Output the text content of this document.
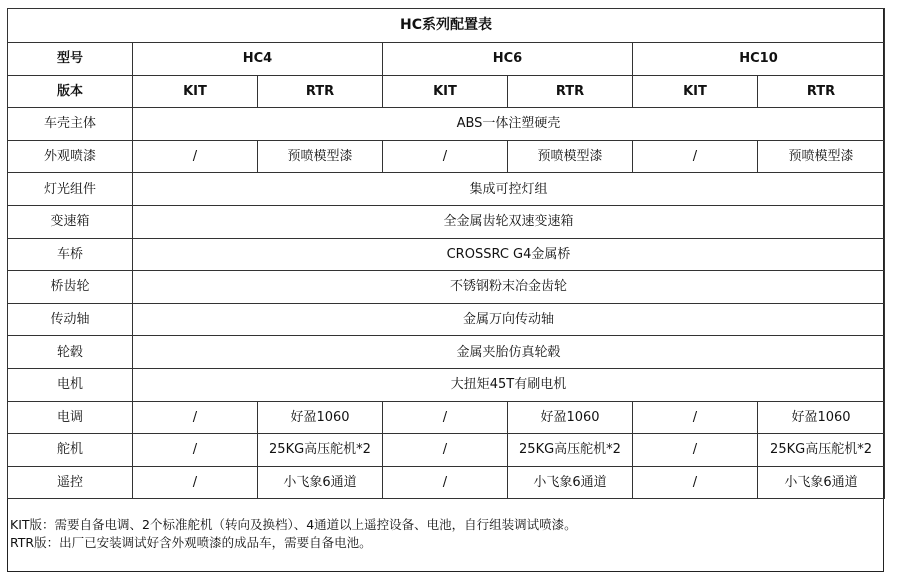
HC系列配置表						
型号	HC4		HC6		HC10	
版本	KIT	RTR	KIT	RTR	KIT	RTR
车壳主体	ABS一体注塑硬壳					
外观喷漆	/	预喷模型漆	/	预喷模型漆	/	预喷模型漆
灯光组件	集成可控灯组					
变速箱	全金属齿轮双速变速箱					
车桥	CROSSRC G4金属桥					
桥齿轮	不锈钢粉末冶金齿轮					
传动轴	金属万向传动轴					
轮毂	金属夹胎仿真轮毂					
电机	大扭矩45T有刷电机					
电调	/	好盈1060	/	好盈1060	/	好盈1060
舵机	/	25KG高压舵机*2	/	25KG高压舵机*2	/	25KG高压舵机*2
遥控	/	小飞象6通道	/	小飞象6通道	/	小飞象6通道
KIT版：需要自备电调、2个标准舵机（转向及换档）、4通道以上遥控设备、电池，自行组装调试喷漆。
RTR版：出厂已安装调试好含外观喷漆的成品车，需要自备电池。
